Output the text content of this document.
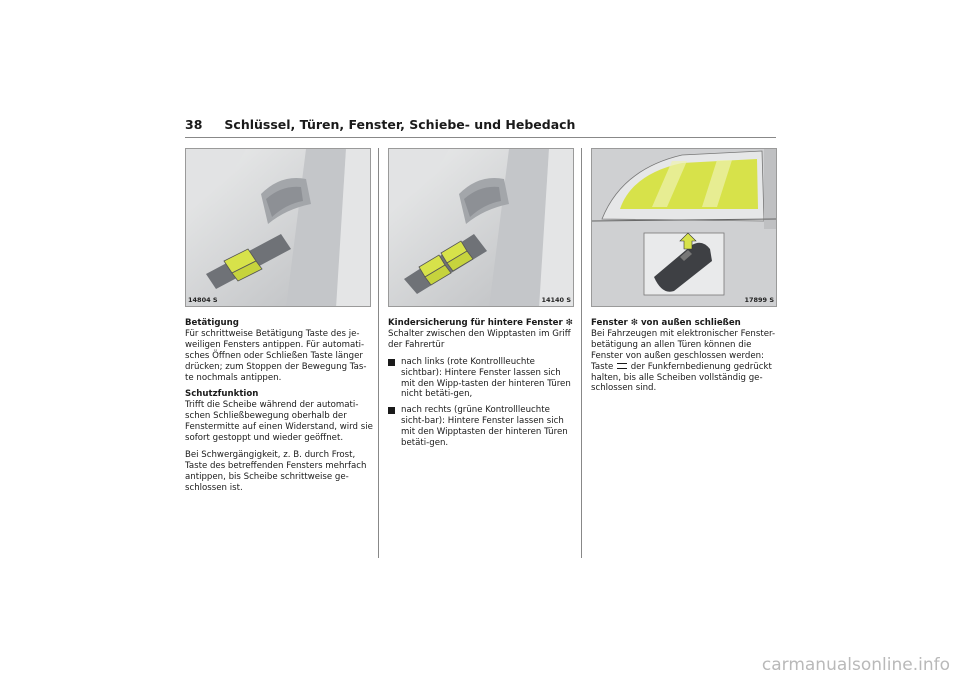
38 Schlüssel, Türen, Fenster, Schiebe- und Hebedach
14804 S	14140 S	17899 S

Betätigung
Für schrittweise Betätigung Taste des je-weiligen Fensters antippen. Für automati-sches Öffnen oder Schließen Taste länger drücken; zum Stoppen der Bewegung Tas-te nochmals antippen.

Schutzfunktion
Trifft die Scheibe während der automati-schen Schließbewegung oberhalb der Fenstermitte auf einen Widerstand, wird sie sofort gestoppt und wieder geöffnet.

Bei Schwergängigkeit, z. B. durch Frost, Taste des betreffenden Fensters mehrfach antippen, bis Scheibe schrittweise ge-schlossen ist.

Kindersicherung für hintere Fenster ❇
Schalter zwischen den Wipptasten im Griff der Fahrertür

nach links (rote Kontrollleuchte sichtbar): Hintere Fenster lassen sich mit den Wipp-tasten der hinteren Türen nicht betäti-gen,
nach rechts (grüne Kontrollleuchte sicht-bar): Hintere Fenster lassen sich mit den Wipptasten der hinteren Türen betäti-gen.

Fenster ❇ von außen schließen
Bei Fahrzeugen mit elektronischer Fenster-betätigung an allen Türen können die Fenster von außen geschlossen werden: Taste der Funkfernbedienung gedrückt halten, bis alle Scheiben vollständig ge-schlossen sind.

carmanualsonline.info
